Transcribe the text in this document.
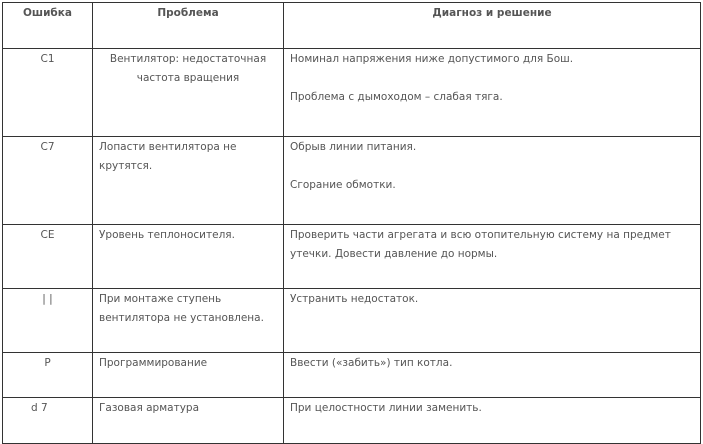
Ошибка	Проблема	Диагноз и решение
C1	Вентилятор: недостаточная частота вращения	Номинал напряжения ниже допустимого для Бош.
Проблема с дымоходом – слабая тяга.

C7	Лопасти вентилятора не крутятся.	Обрыв линии питания.
Сгорание обмотки.

CE	Уровень теплоносителя.	Проверить части агрегата и всю отопительную систему на предмет утечки. Довести давление до нормы.

| |	При монтаже ступень вентилятора не установлена.	Устранить недостаток.

P	Программирование	Ввести («забить») тип котла.

d 7	Газовая арматура	При целостности линии заменить.
